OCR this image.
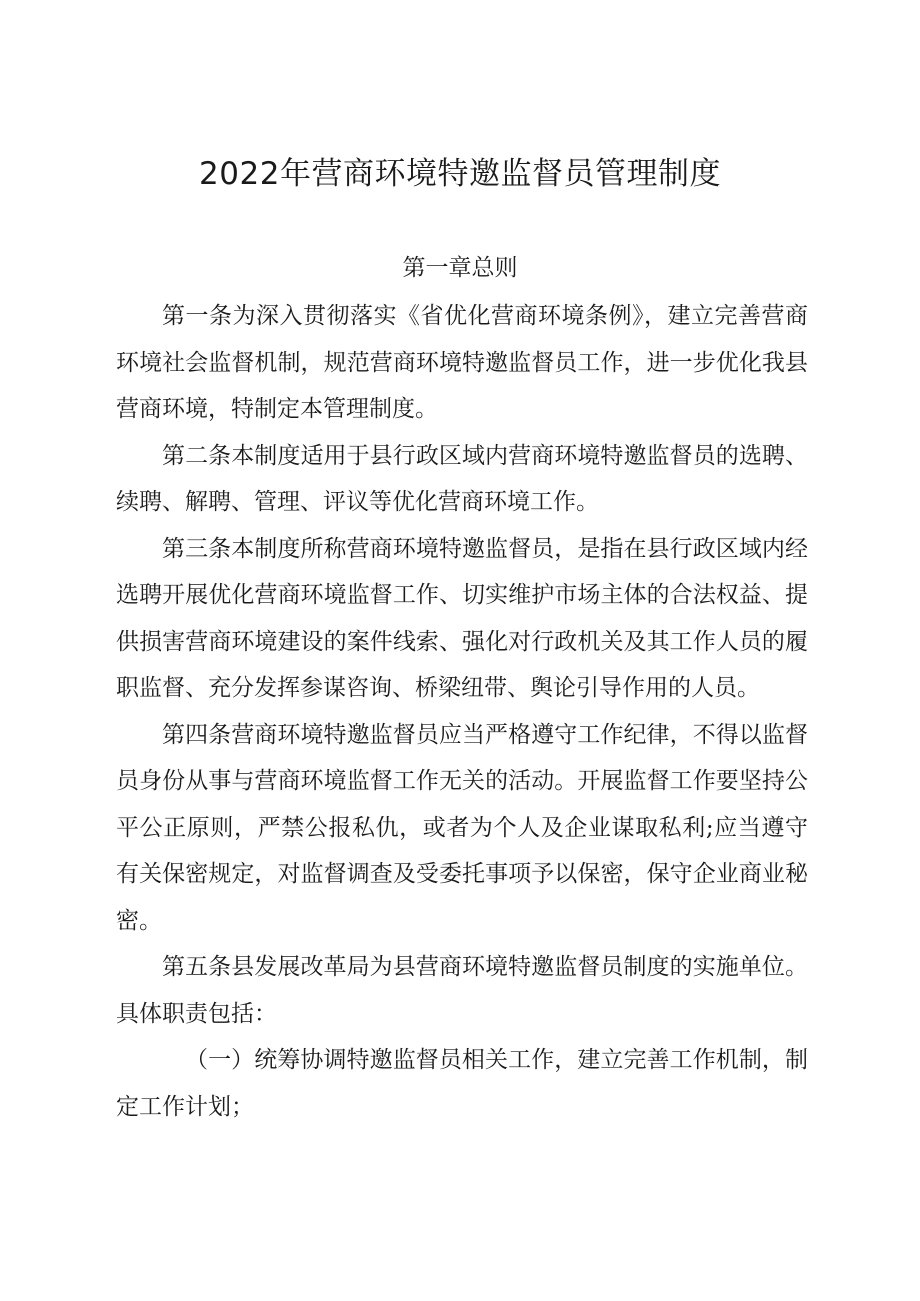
2022年营商环境特邀监督员管理制度
第一章总则

第一条为深入贯彻落实《省优化营商环境条例》，建立完善营商环境社会监督机制，规范营商环境特邀监督员工作，进一步优化我县营商环境，特制定本管理制度。

第二条本制度适用于县行政区域内营商环境特邀监督员的选聘、续聘、解聘、管理、评议等优化营商环境工作。

第三条本制度所称营商环境特邀监督员，是指在县行政区域内经选聘开展优化营商环境监督工作、切实维护市场主体的合法权益、提供损害营商环境建设的案件线索、强化对行政机关及其工作人员的履职监督、充分发挥参谋咨询、桥梁纽带、舆论引导作用的人员。

第四条营商环境特邀监督员应当严格遵守工作纪律，不得以监督员身份从事与营商环境监督工作无关的活动。开展监督工作要坚持公平公正原则，严禁公报私仇，或者为个人及企业谋取私利;应当遵守有关保密规定，对监督调查及受委托事项予以保密，保守企业商业秘密。

第五条县发展改革局为县营商环境特邀监督员制度的实施单位。具体职责包括：

（一）统筹协调特邀监督员相关工作，建立完善工作机制，制定工作计划；
